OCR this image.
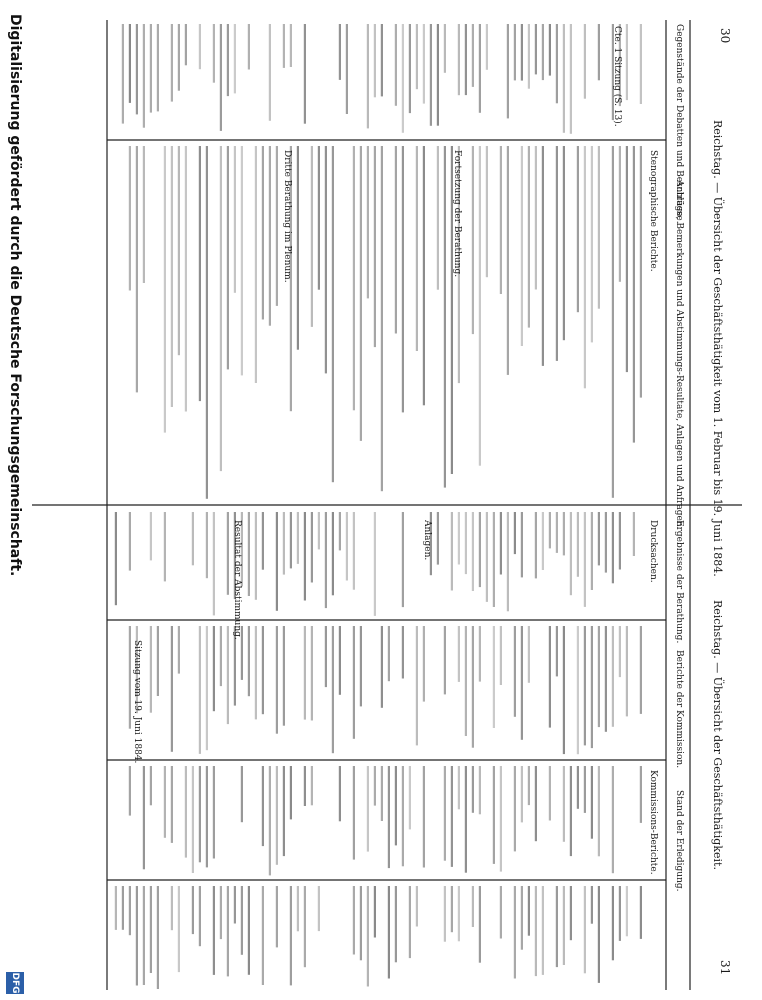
30
31
Reichstag. — Übersicht der Geschäftsthätigkeit vom 1. Februar bis 19. Juni 1884.
Reichstag. — Übersicht der Geschäftsthätigkeit.
Gegenstände der Debatten und Beschlüsse.
Anträge, Bemerkungen und Abstimmungs-Resultate, Anlagen und Anfragen.
Ergebnisse der Berathung.
Berichte der Kommission.
Stand der Erledigung.
Stenographische Berichte.
Drucksachen.
Kommissions-Berichte.
Cte. 1 Sitzung (S. 13).
Fortsetzung der Berathung.
Dritte Berathung im Plenum.
Anlagen.
Resultat der Abstimmung.
Sitzung vom 19. Juni 1884.
Digitalisierung gefördert durch die Deutsche Forschungsgemeinschaft.
DFG
